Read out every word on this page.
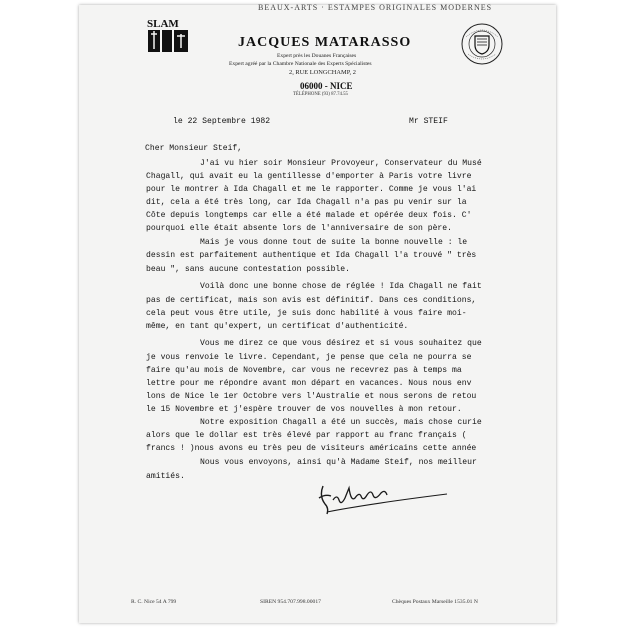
SLAM
BEAUX-ARTS · ESTAMPES ORIGINALES MODERNES
JACQUES MATARASSO
Expert près les Douanes Françaises
Expert agréé par la Chambre Nationale des Experts Spécialistes
2, RUE LONGCHAMP, 2
06000 - NICE
TÉLÉPHONE (93) 87.74.55
le 22 Septembre 1982	Mr STEIF
Cher Monsieur Steif,
J'ai vu hier soir Monsieur Provoyeur, Conservateur du Musé
Chagall, qui avait eu la gentillesse d'emporter à Paris votre livre
pour le montrer à Ida Chagall et me le rapporter. Comme je vous l'ai
dit, cela a été très long, car Ida Chagall n'a pas pu venir sur la
Côte depuis longtemps car elle a été malade et opérée deux fois. C'
pourquoi elle était absente lors de l'anniversaire de son père.
Mais je vous donne tout de suite la bonne nouvelle : le
dessin est parfaitement authentique et Ida Chagall l'a trouvé " très
beau ", sans aucune contestation possible.
Voilà donc une bonne chose de réglée ! Ida Chagall ne fait
pas de certificat, mais son avis est définitif. Dans ces conditions,
cela peut vous être utile, je suis donc habilité à vous faire moi-
même, en tant qu'expert, un certificat d'authenticité.
Vous me direz ce que vous désirez et si vous souhaitez que
je vous renvoie le livre. Cependant, je pense que cela ne pourra se
faire qu'au mois de Novembre, car vous ne recevrez pas à temps ma
lettre pour me répondre avant mon départ en vacances. Nous nous env
lons de Nice le 1er Octobre vers l'Australie et nous serons de retou
le 15 Novembre et j'espère trouver de vos nouvelles à mon retour.
Notre exposition Chagall a été un succès, mais chose curie
alors que le dollar est très élevé par rapport au franc français (
francs ! )nous avons eu très peu de visiteurs américains cette année
Nous vous envoyons, ainsi qu'à Madame Steif, nos meilleur
amitiés.
R. C. Nice 54 A 799	SIREN 954.707.998.00017	Chèques Postaux Marseille 1535.01 N
